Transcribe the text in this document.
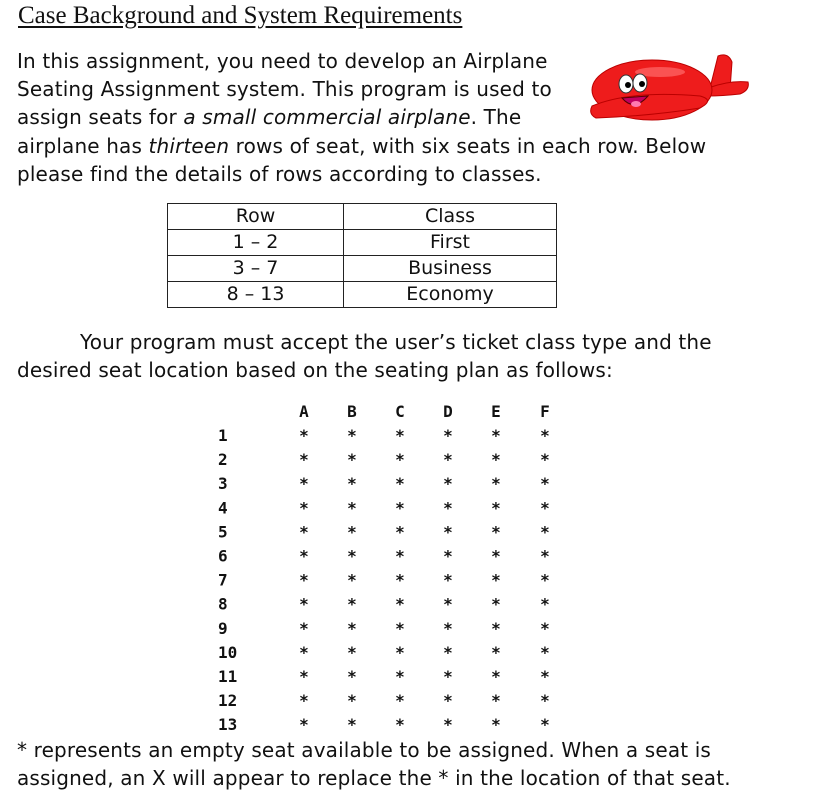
Case Background and System Requirements
In this assignment, you need to develop an Airplane
Seating Assignment system. This program is used to
assign seats for a small commercial airplane. The
airplane has thirteen rows of seat, with six seats in each row. Below
please find the details of rows according to classes.
Row	Class
1 – 2	First
3 – 7	Business
8 – 13	Economy
Your program must accept the user’s ticket class type and the
desired seat location based on the seating plan as follows:
A B C D E F
1	* * * * * *
2	* * * * * *
3	* * * * * *
4	* * * * * *
5	* * * * * *
6	* * * * * *
7	* * * * * *
8	* * * * * *
9	* * * * * *
10	* * * * * *
11	* * * * * *
12	* * * * * *
13	* * * * * *
* represents an empty seat available to be assigned. When a seat is
assigned, an X will appear to replace the * in the location of that seat.
